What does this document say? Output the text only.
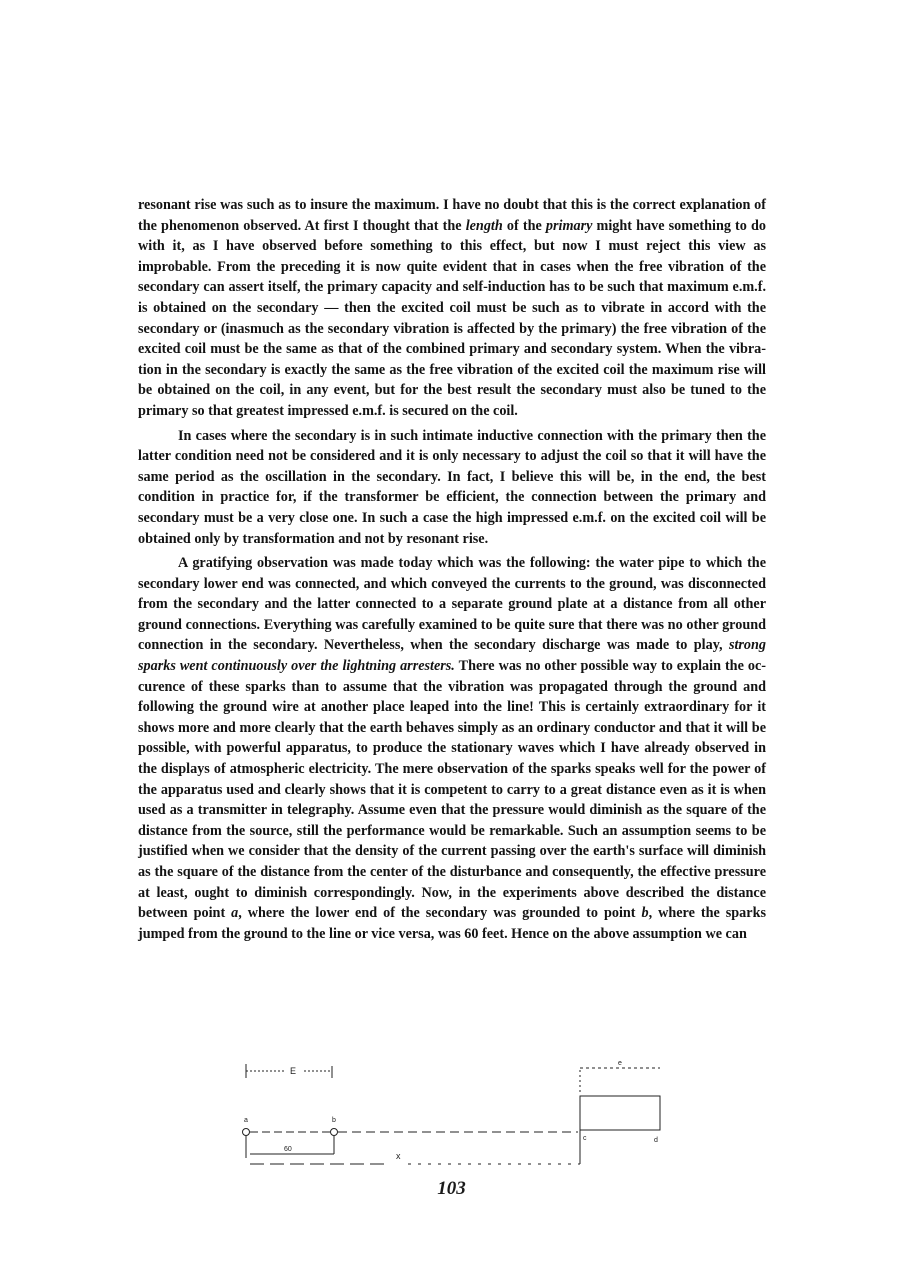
resonant rise was such as to insure the maximum. I have no doubt that this is the correct explanation of the phenomenon observed. At first I thought that the length of the primary might have something to do with it, as I have observed before something to this effect, but now I must reject this view as improbable. From the preceding it is now quite evident that in cases when the free vibration of the secondary can assert itself, the primary capacity and self-induction has to be such that maximum e.m.f. is obtained on the secondary — then the excited coil must be such as to vibrate in accord with the secondary or (inasmuch as the secondary vibration is affected by the primary) the free vibration of the excited coil must be the same as that of the combined primary and secondary system. When the vibration in the secondary is exactly the same as the free vibration of the excited coil the maximum rise will be obtained on the coil, in any event, but for the best result the secondary must also be tuned to the primary so that greatest impressed e.m.f. is secured on the coil.

In cases where the secondary is in such intimate inductive connection with the primary then the latter condition need not be considered and it is only necessary to adjust the coil so that it will have the same period as the oscillation in the secondary. In fact, I believe this will be, in the end, the best condition in practice for, if the transformer be efficient, the connection between the primary and secondary must be a very close one. In such a case the high impressed e.m.f. on the excited coil will be obtained only by transformation and not by resonant rise.

A gratifying observation was made today which was the following: the water pipe to which the secondary lower end was connected, and which conveyed the currents to the ground, was disconnected from the secondary and the latter connected to a separate ground plate at a distance from all other ground connections. Everything was carefully examined to be quite sure that there was no other ground connection in the secondary. Nevertheless, when the secondary discharge was made to play, strong sparks went continuously over the lightning arresters. There was no other possible way to explain the occurence of these sparks than to assume that the vibration was propagated through the ground and following the ground wire at another place leaped into the line! This is certainly extraordinary for it shows more and more clearly that the earth behaves simply as an ordinary conductor and that it will be possible, with powerful apparatus, to produce the stationary waves which I have already observed in the displays of atmospheric electricity. The mere observation of the sparks speaks well for the power of the apparatus used and clearly shows that it is competent to carry to a great distance even as it is when used as a transmitter in telegraphy. Assume even that the pressure would diminish as the square of the distance from the source, still the performance would be remarkable. Such an assumption seems to be justified when we consider that the density of the current passing over the earth's surface will diminish as the square of the distance from the center of the disturbance and consequently, the effective pressure at least, ought to diminish correspondingly. Now, in the experiments above described the distance between point a, where the lower end of the secondary was grounded to point b, where the sparks jumped from the ground to the line or vice versa, was 60 feet. Hence on the above assumption we can

E
a	b
60
x
c	d
e
103
